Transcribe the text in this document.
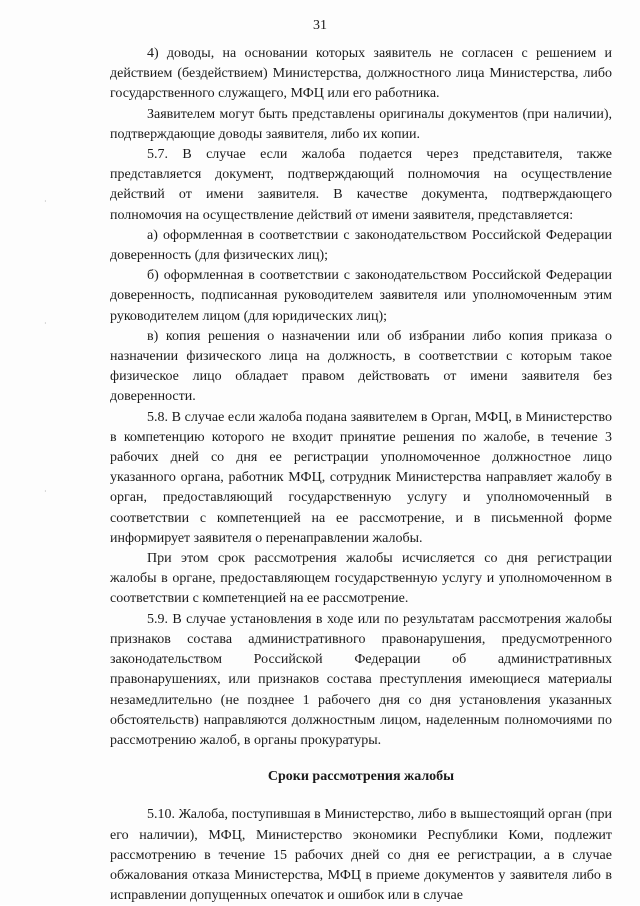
31
·
·
·

4) доводы, на основании которых заявитель не согласен с решением и действием (бездействием) Министерства, должностного лица Министерства, либо государственного служащего, МФЦ или его работника.

Заявителем могут быть представлены оригиналы документов (при наличии), подтверждающие доводы заявителя, либо их копии.

5.7. В случае если жалоба подается через представителя, также представляется документ, подтверждающий полномочия на осуществление действий от имени заявителя. В качестве документа, подтверждающего полномочия на осуществление действий от имени заявителя, представляется:

а) оформленная в соответствии с законодательством Российской Федерации доверенность (для физических лиц);

б) оформленная в соответствии с законодательством Российской Федерации доверенность, подписанная руководителем заявителя или уполномоченным этим руководителем лицом (для юридических лиц);

в) копия решения о назначении или об избрании либо копия приказа о назначении физического лица на должность, в соответствии с которым такое физическое лицо обладает правом действовать от имени заявителя без доверенности.

5.8. В случае если жалоба подана заявителем в Орган, МФЦ, в Министерство в компетенцию которого не входит принятие решения по жалобе, в течение 3 рабочих дней со дня ее регистрации уполномоченное должностное лицо указанного органа, работник МФЦ, сотрудник Министерства направляет жалобу в орган, предоставляющий государственную услугу и уполномоченный в соответствии с компетенцией на ее рассмотрение, и в письменной форме информирует заявителя о перенаправлении жалобы.

При этом срок рассмотрения жалобы исчисляется со дня регистрации жалобы в органе, предоставляющем государственную услугу и уполномоченном в соответствии с компетенцией на ее рассмотрение.

5.9. В случае установления в ходе или по результатам рассмотрения жалобы признаков состава административного правонарушения, предусмотренного законодательством Российской Федерации об административных правонарушениях, или признаков состава преступления имеющиеся материалы незамедлительно (не позднее 1 рабочего дня со дня установления указанных обстоятельств) направляются должностным лицом, наделенным полномочиями по рассмотрению жалоб, в органы прокуратуры.

Сроки рассмотрения жалобы

5.10. Жалоба, поступившая в Министерство, либо в вышестоящий орган (при его наличии), МФЦ, Министерство экономики Республики Коми, подлежит рассмотрению в течение 15 рабочих дней со дня ее регистрации, а в случае обжалования отказа Министерства, МФЦ в приеме документов у заявителя либо в исправлении допущенных опечаток и ошибок или в случае
